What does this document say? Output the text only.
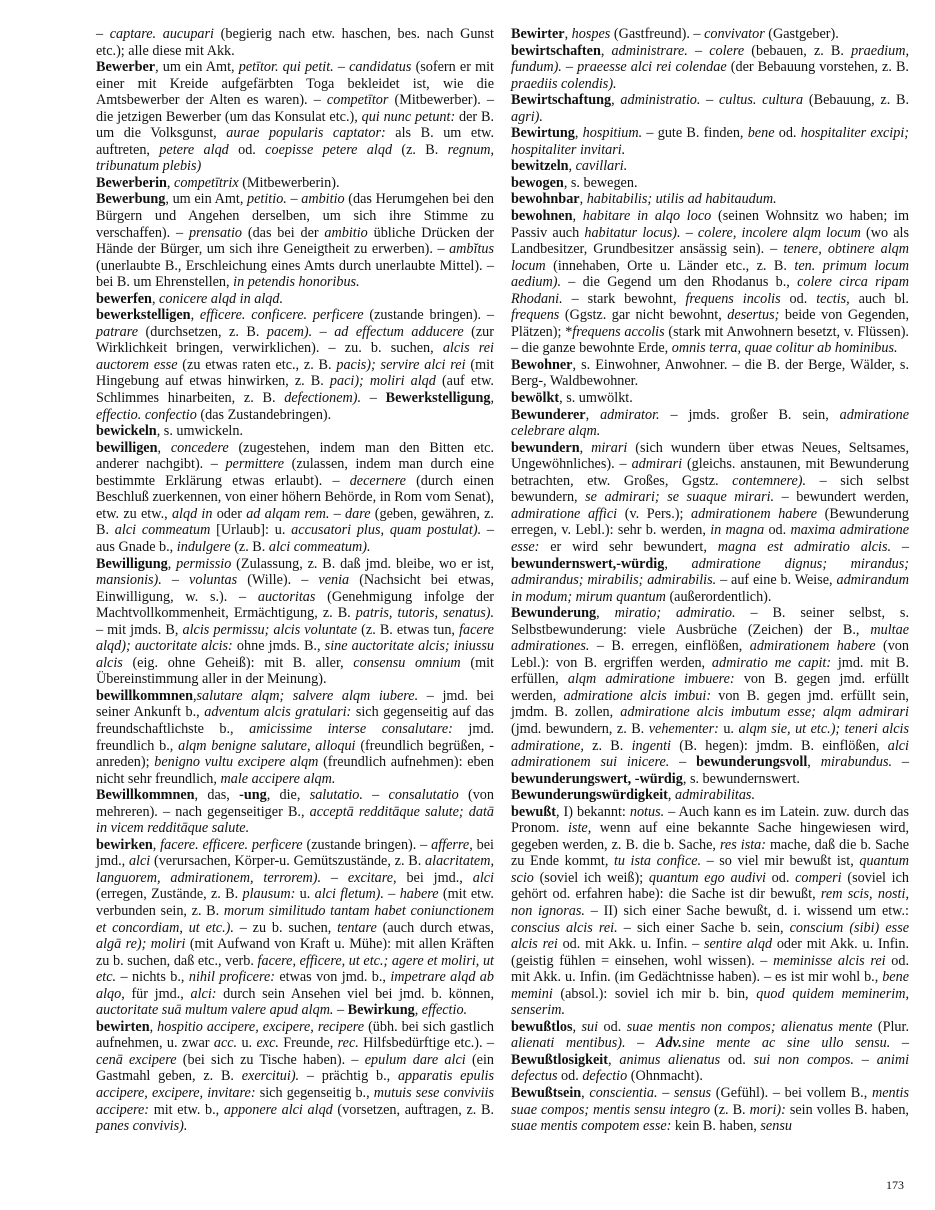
– captare. aucupari (begierig nach etw. haschen, bes. nach Gunst etc.); alle diese mit Akk.

Bewerber, um ein Amt, petītor. qui petit. – candidatus (sofern er mit einer mit Kreide aufgefärbten Toga bekleidet ist, wie die Amtsbewerber der Alten es waren). – competītor (Mitbewerber). – die jetzigen Bewerber (um das Konsulat etc.), qui nunc petunt: der B. um die Volksgunst, aurae popularis captator: als B. um etw. auftreten, petere alqd od. coepisse petere alqd (z. B. regnum, tribunatum plebis)

Bewerberin, competītrix (Mitbewerberin).

Bewerbung, um ein Amt, petitio. – ambitio (das Herumgehen bei den Bürgern und Angehen derselben, um sich ihre Stimme zu verschaffen). – prensatio (das bei der ambitio übliche Drücken der Hände der Bürger, um sich ihre Geneigtheit zu erwerben). – ambĭtus (unerlaubte B., Erschleichung eines Amts durch unerlaubte Mittel). – bei B. um Ehrenstellen, in petendis honoribus.

bewerfen, conicere alqd in alqd.

bewerkstelligen, efficere. conficere. perficere (zustande bringen). – patrare (durchsetzen, z. B. pacem). – ad effectum adducere (zur Wirklichkeit bringen, verwirklichen). – zu. b. suchen, alcis rei auctorem esse (zu etwas raten etc., z. B. pacis); servire alci rei (mit Hingebung auf etwas hinwirken, z. B. paci); moliri alqd (auf etw. Schlimmes hinarbeiten, z. B. defectionem). – Bewerkstelligung, effectio. confectio (das Zustandebringen).

bewickeln, s. umwickeln.

bewilligen, concedere (zugestehen, indem man den Bitten etc. anderer nachgibt). – permittere (zulassen, indem man durch eine bestimmte Erklärung etwas erlaubt). – decernere (durch einen Beschluß zuerkennen, von einer höhern Behörde, in Rom vom Senat), etw. zu etw., alqd in oder ad alqam rem. – dare (geben, gewähren, z. B. alci commeatum [Urlaub]: u. accusatori plus, quam postulat). – aus Gnade b., indulgere (z. B. alci commeatum).

Bewilligung, permissio (Zulassung, z. B. daß jmd. bleibe, wo er ist, mansionis). – voluntas (Wille). – venia (Nachsicht bei etwas, Einwilligung, w. s.). – auctoritas (Genehmigung infolge der Machtvollkommenheit, Ermächtigung, z. B. patris, tutoris, senatus). – mit jmds. B, alcis permissu; alcis voluntate (z. B. etwas tun, facere alqd); auctoritate alcis: ohne jmds. B., sine auctoritate alcis; iniussu alcis (eig. ohne Geheiß): mit B. aller, consensu omnium (mit Übereinstimmung aller in der Meinung).

bewillkommnen,salutare alqm; salvere alqm iubere. – jmd. bei seiner Ankunft b., adventum alcis gratulari: sich gegenseitig auf das freundschaftlichste b., amicissime interse consalutare: jmd. freundlich b., alqm benigne salutare, alloqui (freundlich begrüßen, -anreden); benigno vultu excipere alqm (freundlich aufnehmen): eben nicht sehr freundlich, male accipere alqm.

Bewillkommnen, das, -ung, die, salutatio. – consalutatio (von mehreren). – nach gegenseitiger B., acceptā redditāque salute; datā in vicem redditāque salute.

bewirken, facere. efficere. perficere (zustande bringen). – afferre, bei jmd., alci (verursachen, Körper-u. Gemütszustände, z. B. alacritatem, languorem, admirationem, terrorem). – excitare, bei jmd., alci (erregen, Zustände, z. B. plausum: u. alci fletum). – habere (mit etw. verbunden sein, z. B. morum similitudo tantam habet coniunctionem et concordiam, ut etc.). – zu b. suchen, tentare (auch durch etwas, algā re); moliri (mit Aufwand von Kraft u. Mühe): mit allen Kräften zu b. suchen, daß etc., verb. facere, efficere, ut etc.; agere et moliri, ut etc. – nichts b., nihil proficere: etwas von jmd. b., impetrare alqd ab alqo, für jmd., alci: durch sein Ansehen viel bei jmd. b. können, auctoritate suā multum valere apud alqm. – Bewirkung, effectio.

bewirten, hospitio accipere, excipere, recipere (übh. bei sich gastlich aufnehmen, u. zwar acc. u. exc. Freunde, rec. Hilfsbedürftige etc.). – cenā excipere (bei sich zu Tische haben). – epulum dare alci (ein Gastmahl geben, z. B. exercitui). – prächtig b., apparatis epulis accipere, excipere, invitare: sich gegenseitig b., mutuis sese conviviis accipere: mit etw. b., apponere alci alqd (vorsetzen, auftragen, z. B. panes convivis).

Bewirter, hospes (Gastfreund). – convivator (Gastgeber).

bewirtschaften, administrare. – colere (bebauen, z. B. praedium, fundum). – praeesse alci rei colendae (der Bebauung vorstehen, z. B. praediis colendis).

Bewirtschaftung, administratio. – cultus. cultura (Bebauung, z. B. agri).

Bewirtung, hospitium. – gute B. finden, bene od. hospitaliter excipi; hospitaliter invitari.

bewitzeln, cavillari.

bewogen, s. bewegen.

bewohnbar, habitabilis; utilis ad habitaudum.

bewohnen, habitare in alqo loco (seinen Wohnsitz wo haben; im Passiv auch habitatur locus). – colere, incolere alqm locum (wo als Landbesitzer, Grundbesitzer ansässig sein). – tenere, obtinere alqm locum (innehaben, Orte u. Länder etc., z. B. ten. primum locum aedium). – die Gegend um den Rhodanus b., colere circa ripam Rhodani. – stark bewohnt, frequens incolis od. tectis, auch bl. frequens (Ggstz. gar nicht bewohnt, desertus; beide von Gegenden, Plätzen); *frequens accolis (stark mit Anwohnern besetzt, v. Flüssen). – die ganze bewohnte Erde, omnis terra, quae colitur ab hominibus.

Bewohner, s. Einwohner, Anwohner. – die B. der Berge, Wälder, s. Berg-, Waldbewohner.

bewölkt, s. umwölkt.

Bewunderer, admirator. – jmds. großer B. sein, admiratione celebrare alqm.

bewundern, mirari (sich wundern über etwas Neues, Seltsames, Ungewöhnliches). – admirari (gleichs. anstaunen, mit Bewunderung betrachten, etw. Großes, Ggstz. contemnere). – sich selbst bewundern, se admirari; se suaque mirari. – bewundert werden, admiratione affici (v. Pers.); admirationem habere (Bewunderung erregen, v. Lebl.): sehr b. werden, in magna od. maxima admiratione esse: er wird sehr bewundert, magna est admiratio alcis. – bewundernswert,-würdig, admiratione dignus; mirandus; admirandus; mirabilis; admirabilis. – auf eine b. Weise, admirandum in modum; mirum quantum (außerordentlich).

Bewunderung, miratio; admiratio. – B. seiner selbst, s. Selbstbewunderung: viele Ausbrüche (Zeichen) der B., multae admirationes. – B. erregen, einflößen, admirationem habere (von Lebl.): von B. ergriffen werden, admiratio me capit: jmd. mit B. erfüllen, alqm admiratione imbuere: von B. gegen jmd. erfüllt werden, admiratione alcis imbui: von B. gegen jmd. erfüllt sein, jmdm. B. zollen, admiratione alcis imbutum esse; alqm admirari (jmd. bewundern, z. B. vehementer: u. alqm sie, ut etc.); teneri alcis admiratione, z. B. ingenti (B. hegen): jmdm. B. einflößen, alci admirationem sui inicere. – bewunderungsvoll, mirabundus. – bewunderungswert, -würdig, s. bewundernswert.

Bewunderungswürdigkeit, admirabilitas.

bewußt, I) bekannt: notus. – Auch kann es im Latein. zuw. durch das Pronom. iste, wenn auf eine bekannte Sache hingewiesen wird, gegeben werden, z. B. die b. Sache, res ista: mache, daß die b. Sache zu Ende kommt, tu ista confice. – so viel mir bewußt ist, quantum scio (soviel ich weiß); quantum ego audivi od. comperi (soviel ich gehört od. erfahren habe): die Sache ist dir bewußt, rem scis, nosti, non ignoras. – II) sich einer Sache bewußt, d. i. wissend um etw.: conscius alcis rei. – sich einer Sache b. sein, conscium (sibi) esse alcis rei od. mit Akk. u. Infin. – sentire alqd oder mit Akk. u. Infin. (geistig fühlen = einsehen, wohl wissen). – meminisse alcis rei od. mit Akk. u. Infin. (im Gedächtnisse haben). – es ist mir wohl b., bene memini (absol.): soviel ich mir b. bin, quod quidem meminerim, senserim.

bewußtlos, sui od. suae mentis non compos; alienatus mente (Plur. alienati mentibus). – Adv.sine mente ac sine ullo sensu. – Bewußtlosigkeit, animus alienatus od. sui non compos. – animi defectus od. defectio (Ohnmacht).

Bewußtsein, conscientia. – sensus (Gefühl). – bei vollem B., mentis suae compos; mentis sensu integro (z. B. mori): sein volles B. haben, suae mentis compotem esse: kein B. haben, sensu

173
